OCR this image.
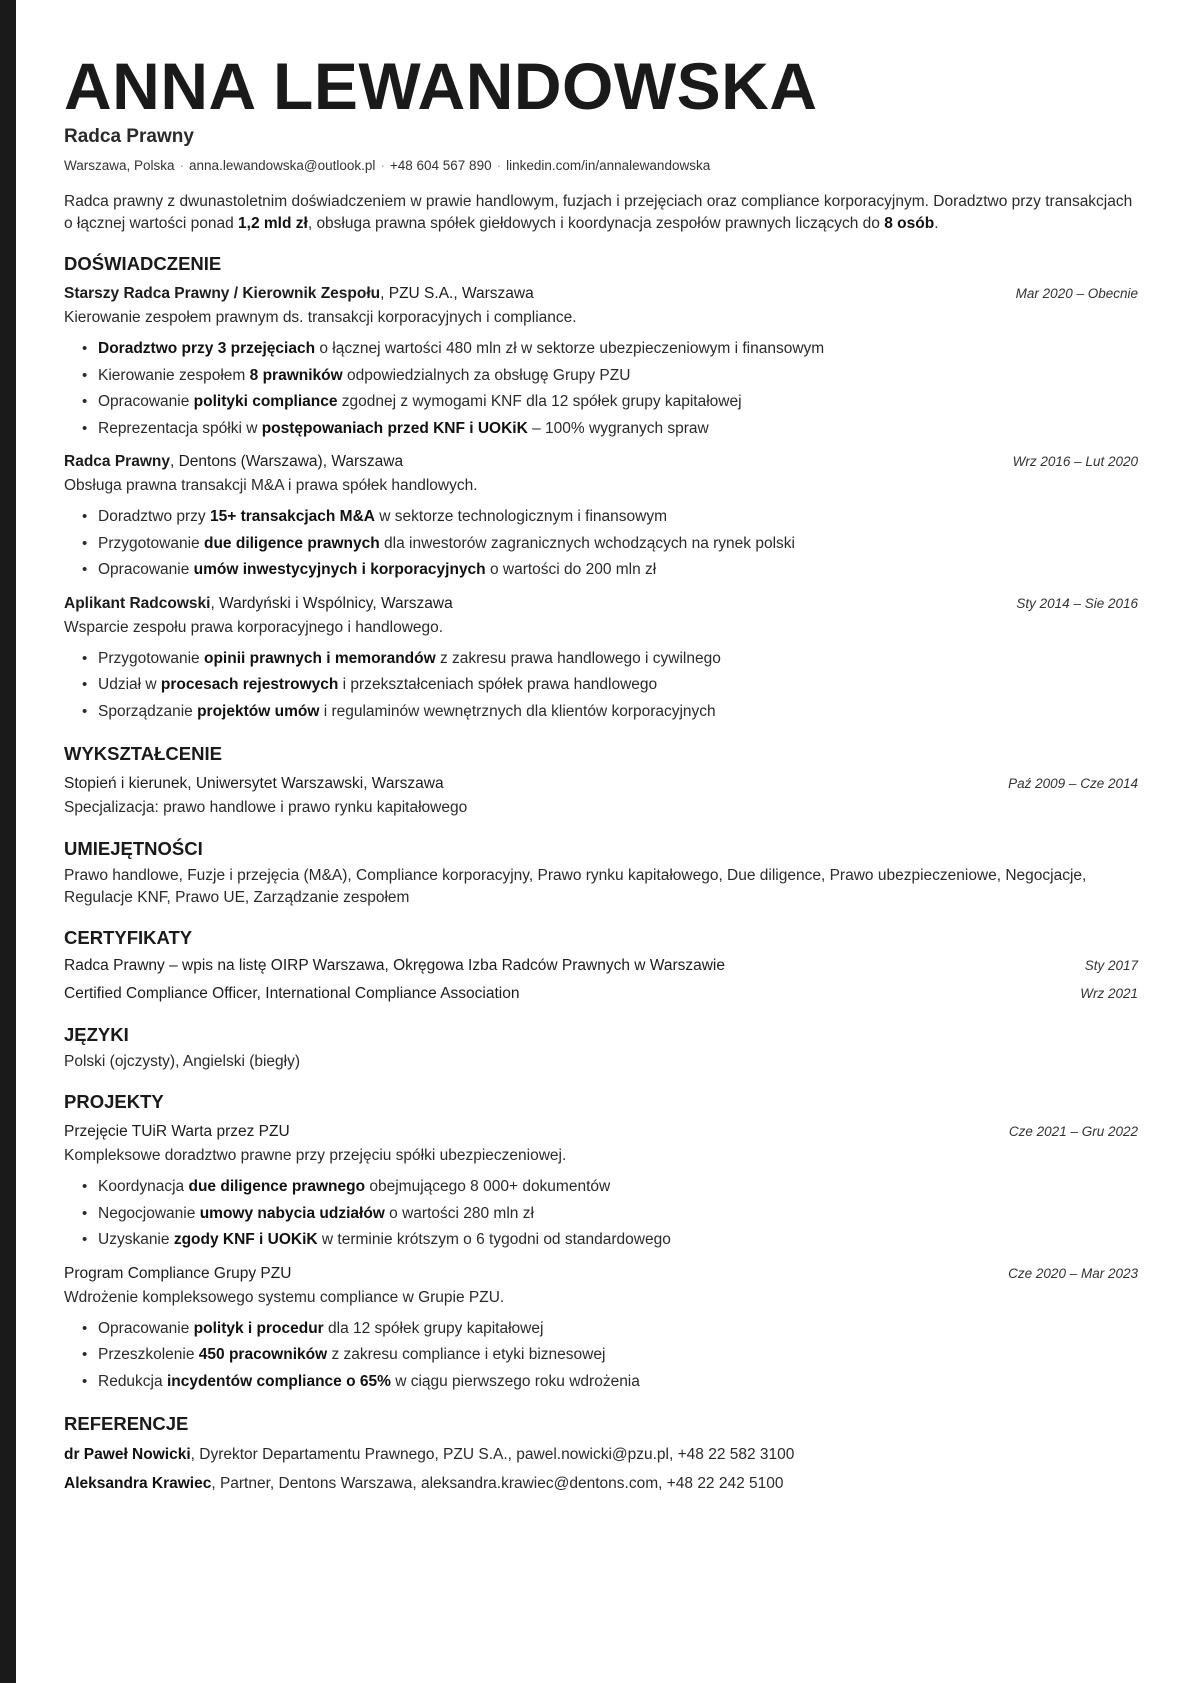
ANNA LEWANDOWSKA
Radca Prawny
Warszawa, Polska · anna.lewandowska@outlook.pl · +48 604 567 890 · linkedin.com/in/annalewandowska

Radca prawny z dwunastoletnim doświadczeniem w prawie handlowym, fuzjach i przejęciach oraz compliance korporacyjnym. Doradztwo przy transakcjach o łącznej wartości ponad 1,2 mld zł, obsługa prawna spółek giełdowych i koordynacja zespołów prawnych liczących do 8 osób.

DOŚWIADCZENIE
Starszy Radca Prawny / Kierownik Zespołu, PZU S.A., Warszawa	Mar 2020 – Obecnie
Kierowanie zespołem prawnym ds. transakcji korporacyjnych i compliance.
• Doradztwo przy 3 przejęciach o łącznej wartości 480 mln zł w sektorze ubezpieczeniowym i finansowym
• Kierowanie zespołem 8 prawników odpowiedzialnych za obsługę Grupy PZU
• Opracowanie polityki compliance zgodnej z wymogami KNF dla 12 spółek grupy kapitałowej
• Reprezentacja spółki w postępowaniach przed KNF i UOKiK – 100% wygranych spraw
Radca Prawny, Dentons (Warszawa), Warszawa	Wrz 2016 – Lut 2020
Obsługa prawna transakcji M&A i prawa spółek handlowych.
• Doradztwo przy 15+ transakcjach M&A w sektorze technologicznym i finansowym
• Przygotowanie due diligence prawnych dla inwestorów zagranicznych wchodzących na rynek polski
• Opracowanie umów inwestycyjnych i korporacyjnych o wartości do 200 mln zł
Aplikant Radcowski, Wardyński i Wspólnicy, Warszawa	Sty 2014 – Sie 2016
Wsparcie zespołu prawa korporacyjnego i handlowego.
• Przygotowanie opinii prawnych i memorandów z zakresu prawa handlowego i cywilnego
• Udział w procesach rejestrowych i przekształceniach spółek prawa handlowego
• Sporządzanie projektów umów i regulaminów wewnętrznych dla klientów korporacyjnych
WYKSZTAŁCENIE
Stopień i kierunek, Uniwersytet Warszawski, Warszawa	Paź 2009 – Cze 2014
Specjalizacja: prawo handlowe i prawo rynku kapitałowego
UMIEJĘTNOŚCI
Prawo handlowe, Fuzje i przejęcia (M&A), Compliance korporacyjny, Prawo rynku kapitałowego, Due diligence, Prawo ubezpieczeniowe, Negocjacje, Regulacje KNF, Prawo UE, Zarządzanie zespołem
CERTYFIKATY
Radca Prawny – wpis na listę OIRP Warszawa, Okręgowa Izba Radców Prawnych w Warszawie	Sty 2017
Certified Compliance Officer, International Compliance Association	Wrz 2021
JĘZYKI
Polski (ojczysty), Angielski (biegły)
PROJEKTY
Przejęcie TUiR Warta przez PZU	Cze 2021 – Gru 2022
Kompleksowe doradztwo prawne przy przejęciu spółki ubezpieczeniowej.
• Koordynacja due diligence prawnego obejmującego 8 000+ dokumentów
• Negocjowanie umowy nabycia udziałów o wartości 280 mln zł
• Uzyskanie zgody KNF i UOKiK w terminie krótszym o 6 tygodni od standardowego
Program Compliance Grupy PZU	Cze 2020 – Mar 2023
Wdrożenie kompleksowego systemu compliance w Grupie PZU.
• Opracowanie polityk i procedur dla 12 spółek grupy kapitałowej
• Przeszkolenie 450 pracowników z zakresu compliance i etyki biznesowej
• Redukcja incydentów compliance o 65% w ciągu pierwszego roku wdrożenia
REFERENCJE
dr Paweł Nowicki, Dyrektor Departamentu Prawnego, PZU S.A., pawel.nowicki@pzu.pl, +48 22 582 3100
Aleksandra Krawiec, Partner, Dentons Warszawa, aleksandra.krawiec@dentons.com, +48 22 242 5100
